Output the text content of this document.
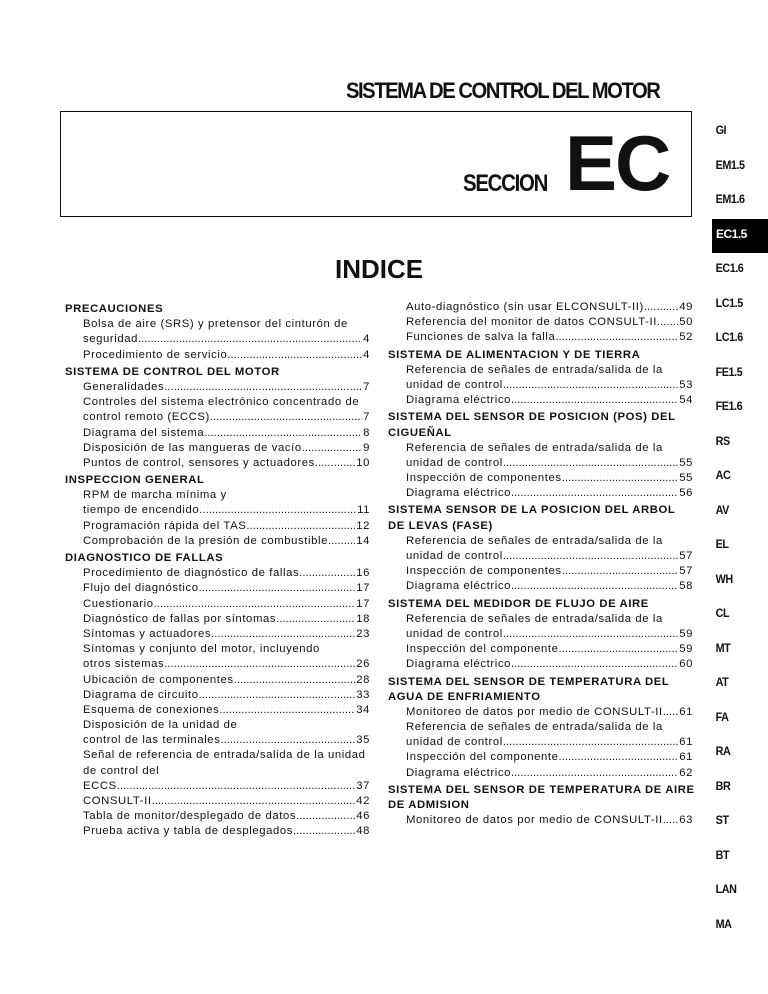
SISTEMA DE CONTROL DEL MOTOR
SECCION EC
INDICE
PRECAUCIONES
Bolsa de aire (SRS) y pretensor del cinturón de
seguridad .....	4
Procedimiento de servicio .....	4
SISTEMA DE CONTROL DEL MOTOR
Generalidades .....	7
Controles del sistema electrónico concentrado de
control remoto (ECCS) .....	7
Diagrama del sistema .....	8
Disposición de las mangueras de vacío .....	9
Puntos de control, sensores y actuadores .....	10
INSPECCION GENERAL
RPM de marcha mínima y
tiempo de encendido .....	11
Programación rápida del TAS .....	12
Comprobación de la presión de combustible ..... 14
DIAGNOSTICO DE FALLAS
Procedimiento de diagnóstico de fallas .....	16
Flujo del diagnóstico .....	17
Cuestionario .....	17
Diagnóstico de fallas por síntomas .....	18
Síntomas y actuadores .....	23
Síntomas y conjunto del motor, incluyendo
otros sistemas .....	26
Ubicación de componentes .....	28
Diagrama de circuito .....	33
Esquema de conexiones .....	34
Disposición de la unidad de
control de las terminales .....	35
Señal de referencia de entrada/salida de la unidad
de control del
ECCS .....	37
CONSULT-II .....	42
Tabla de monitor/desplegado de datos .....	46
Prueba activa y tabla de desplegados .....	48
Auto-diagnóstico (sin usar ELCONSULT-II) .....	49
Referencia del monitor de datos CONSULT-II ..... 50
Funciones de salva la falla .....	52
SISTEMA DE ALIMENTACION Y DE TIERRA
Referencia de señales de entrada/salida de la
unidad de control .....	53
Diagrama eléctrico .....	54
SISTEMA DEL SENSOR DE POSICION (POS) DEL
CIGUEÑAL
Referencia de señales de entrada/salida de la
unidad de control .....	55
Inspección de componentes .....	55
Diagrama eléctrico .....	56
SISTEMA SENSOR DE LA POSICION DEL ARBOL
DE LEVAS (FASE)
Referencia de señales de entrada/salida de la
unidad de control .....	57
Inspección de componentes .....	57
Diagrama eléctrico .....	58
SISTEMA DEL MEDIDOR DE FLUJO DE AIRE
Referencia de señales de entrada/salida de la
unidad de control .....	59
Inspección del componente .....	59
Diagrama eléctrico .....	60
SISTEMA DEL SENSOR DE TEMPERATURA DEL
AGUA DE ENFRIAMIENTO
Monitoreo de datos por medio de CONSULT-II ..... 61
Referencia de señales de entrada/salida de la
unidad de control .....	61
Inspección del componente .....	61
Diagrama eléctrico .....	62
SISTEMA DEL SENSOR DE TEMPERATURA DE AIRE
DE ADMISION
Monitoreo de datos por medio de CONSULT-II ..... 63
GI
EM1.5
EM1.6
EC1.5
EC1.6
LC1.5
LC1.6
FE1.5
FE1.6
RS
AC
AV
EL
WH
CL
MT
AT
FA
RA
BR
ST
BT
LAN
MA
